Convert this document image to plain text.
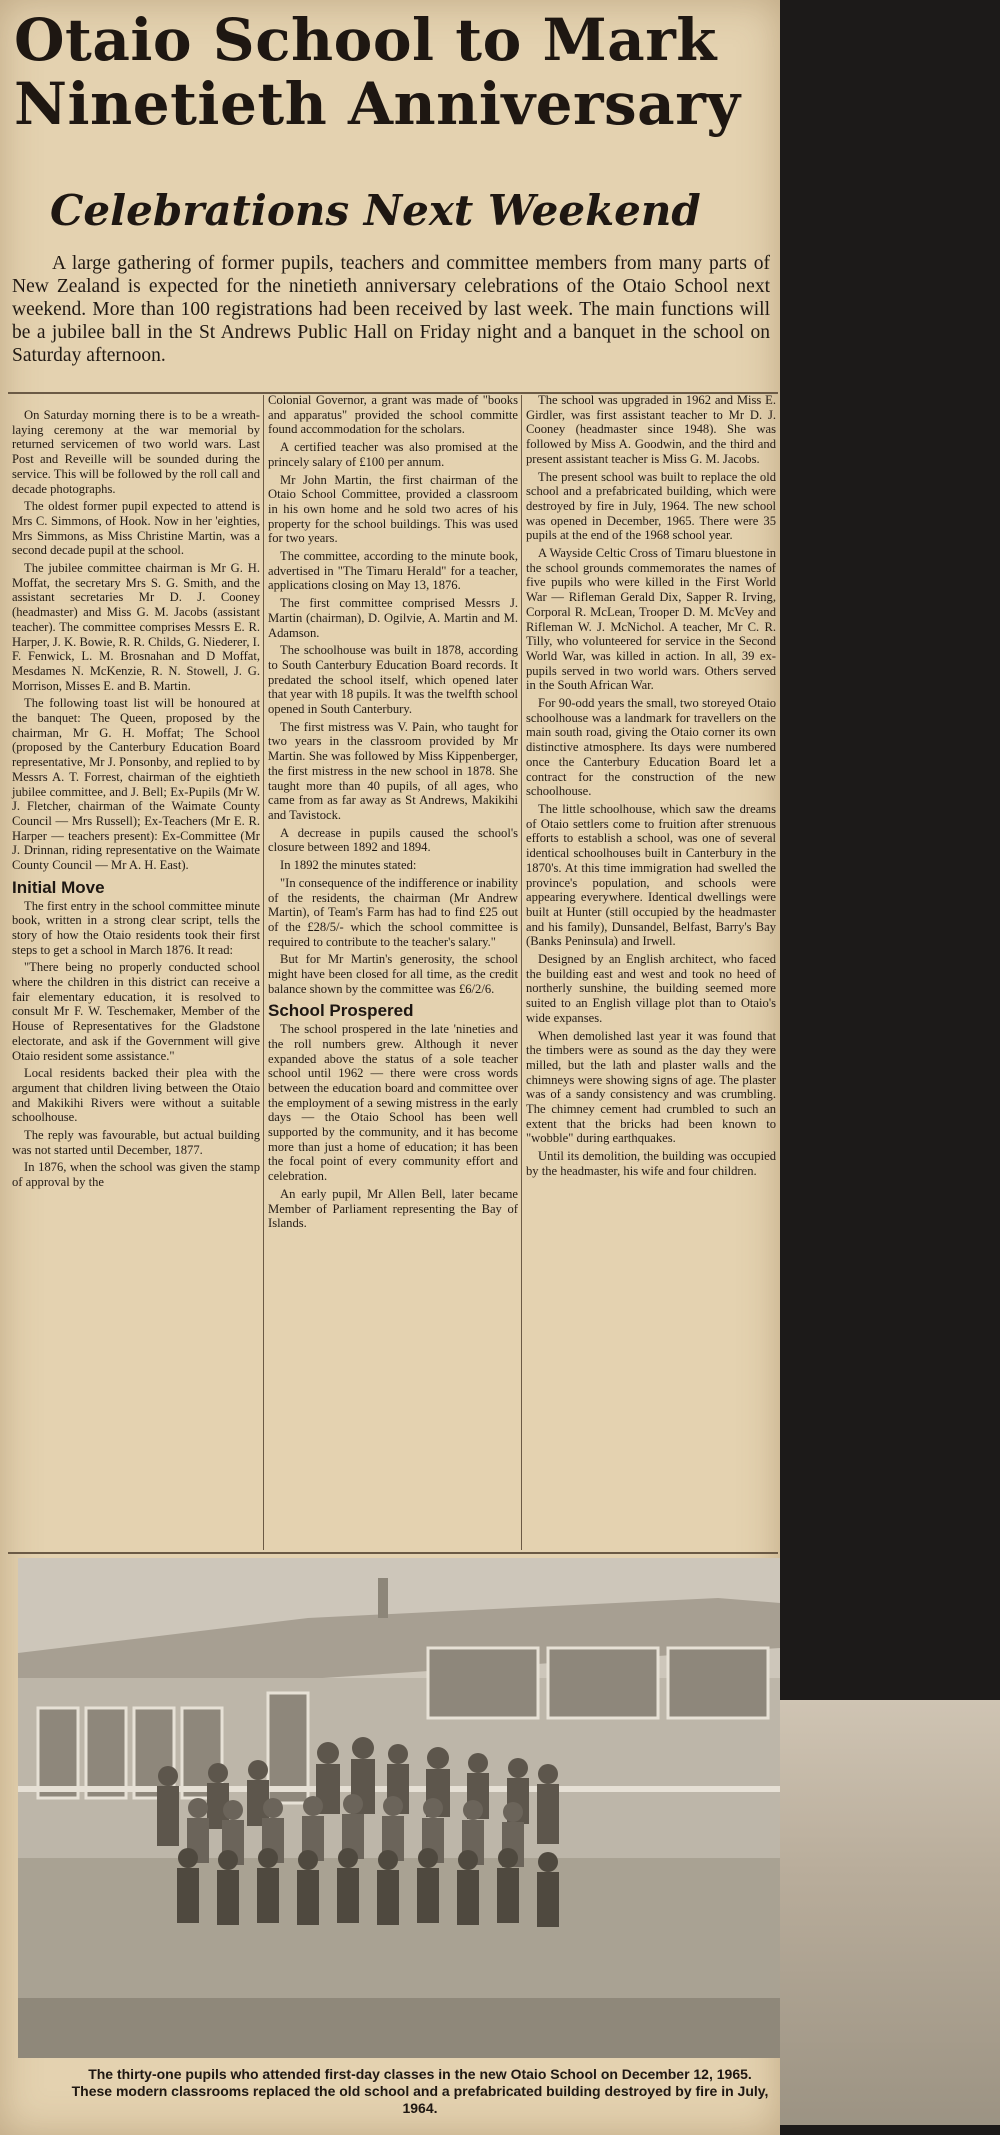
Otaio School to Mark Ninetieth Anniversary
Celebrations Next Weekend

A large gathering of former pupils, teachers and committee members from many parts of New Zealand is expected for the ninetieth anniversary celebrations of the Otaio School next weekend. More than 100 registrations had been received by last week. The main functions will be a jubilee ball in the St Andrews Public Hall on Friday night and a banquet in the school on Saturday afternoon.

On Saturday morning there is to be a wreath-laying ceremony at the war memorial by returned servicemen of two world wars. Last Post and Reveille will be sounded during the service. This will be followed by the roll call and decade photographs.

The oldest former pupil expected to attend is Mrs C. Simmons, of Hook. Now in her 'eighties, Mrs Simmons, as Miss Christine Martin, was a second decade pupil at the school.

The jubilee committee chairman is Mr G. H. Moffat, the secretary Mrs S. G. Smith, and the assistant secretaries Mr D. J. Cooney (headmaster) and Miss G. M. Jacobs (assistant teacher). The committee comprises Messrs E. R. Harper, J. K. Bowie, R. R. Childs, G. Niederer, I. F. Fenwick, L. M. Brosnahan and D Moffat, Mesdames N. McKenzie, R. N. Stowell, J. G. Morrison, Misses E. and B. Martin.

The following toast list will be honoured at the banquet: The Queen, proposed by the chairman, Mr G. H. Moffat; The School (proposed by the Canterbury Education Board representative, Mr J. Ponsonby, and replied to by Messrs A. T. Forrest, chairman of the eightieth jubilee committee, and J. Bell; Ex-Pupils (Mr W. J. Fletcher, chairman of the Waimate County Council — Mrs Russell); Ex-Teachers (Mr E. R. Harper — teachers present): Ex-Committee (Mr J. Drinnan, riding representative on the Waimate County Council — Mr A. H. East).

Initial Move

The first entry in the school committee minute book, written in a strong clear script, tells the story of how the Otaio residents took their first steps to get a school in March 1876. It read:

"There being no properly conducted school where the children in this district can receive a fair elementary education, it is resolved to consult Mr F. W. Teschemaker, Member of the House of Representatives for the Gladstone electorate, and ask if the Government will give Otaio resident some assistance."

Local residents backed their plea with the argument that children living between the Otaio and Makikihi Rivers were without a suitable schoolhouse.

The reply was favourable, but actual building was not started until December, 1877.

In 1876, when the school was given the stamp of approval by the

Colonial Governor, a grant was made of "books and apparatus" provided the school committe found accommodation for the scholars.

A certified teacher was also promised at the princely salary of £100 per annum.

Mr John Martin, the first chairman of the Otaio School Committee, provided a classroom in his own home and he sold two acres of his property for the school buildings. This was used for two years.

The committee, according to the minute book, advertised in "The Timaru Herald" for a teacher, applications closing on May 13, 1876.

The first committee comprised Messrs J. Martin (chairman), D. Ogilvie, A. Martin and M. Adamson.

The schoolhouse was built in 1878, according to South Canterbury Education Board records. It predated the school itself, which opened later that year with 18 pupils. It was the twelfth school opened in South Canterbury.

The first mistress was V. Pain, who taught for two years in the classroom provided by Mr Martin. She was followed by Miss Kippenberger, the first mistress in the new school in 1878. She taught more than 40 pupils, of all ages, who came from as far away as St Andrews, Makikihi and Tavistock.

A decrease in pupils caused the school's closure between 1892 and 1894.

In 1892 the minutes stated:

"In consequence of the indifference or inability of the residents, the chairman (Mr Andrew Martin), of Team's Farm has had to find £25 out of the £28/5/- which the school committee is required to contribute to the teacher's salary."

But for Mr Martin's generosity, the school might have been closed for all time, as the credit balance shown by the committee was £6/2/6.

School Prospered

The school prospered in the late 'nineties and the roll numbers grew. Although it never expanded above the status of a sole teacher school until 1962 — there were cross words between the education board and committee over the employment of a sewing mistress in the early days — the Otaio School has been well supported by the community, and it has become more than just a home of education; it has been the focal point of every community effort and celebration.

An early pupil, Mr Allen Bell, later became Member of Parliament representing the Bay of Islands.

The school was upgraded in 1962 and Miss E. Girdler, was first assistant teacher to Mr D. J. Cooney (headmaster since 1948). She was followed by Miss A. Goodwin, and the third and present assistant teacher is Miss G. M. Jacobs.

The present school was built to replace the old school and a prefabricated building, which were destroyed by fire in July, 1964. The new school was opened in December, 1965. There were 35 pupils at the end of the 1968 school year.

A Wayside Celtic Cross of Timaru bluestone in the school grounds commemorates the names of five pupils who were killed in the First World War — Rifleman Gerald Dix, Sapper R. Irving, Corporal R. McLean, Trooper D. M. McVey and Rifleman W. J. McNichol. A teacher, Mr C. R. Tilly, who volunteered for service in the Second World War, was killed in action. In all, 39 ex-pupils served in two world wars. Others served in the South African War.

For 90-odd years the small, two storeyed Otaio schoolhouse was a landmark for travellers on the main south road, giving the Otaio corner its own distinctive atmosphere. Its days were numbered once the Canterbury Education Board let a contract for the construction of the new schoolhouse.

The little schoolhouse, which saw the dreams of Otaio settlers come to fruition after strenuous efforts to establish a school, was one of several identical schoolhouses built in Canterbury in the 1870's. At this time immigration had swelled the province's population, and schools were appearing everywhere. Identical dwellings were built at Hunter (still occupied by the headmaster and his family), Dunsandel, Belfast, Barry's Bay (Banks Peninsula) and Irwell.

Designed by an English architect, who faced the building east and west and took no heed of northerly sunshine, the building seemed more suited to an English village plot than to Otaio's wide expanses.

When demolished last year it was found that the timbers were as sound as the day they were milled, but the lath and plaster walls and the chimneys were showing signs of age. The plaster was of a sandy consistency and was crumbling. The chimney cement had crumbled to such an extent that the bricks had been known to "wobble" during earthquakes.

Until its demolition, the building was occupied by the headmaster, his wife and four children.

The thirty-one pupils who attended first-day classes in the new Otaio School on December 12, 1965. These modern classrooms replaced the old school and a prefabricated building destroyed by fire in July, 1964.
